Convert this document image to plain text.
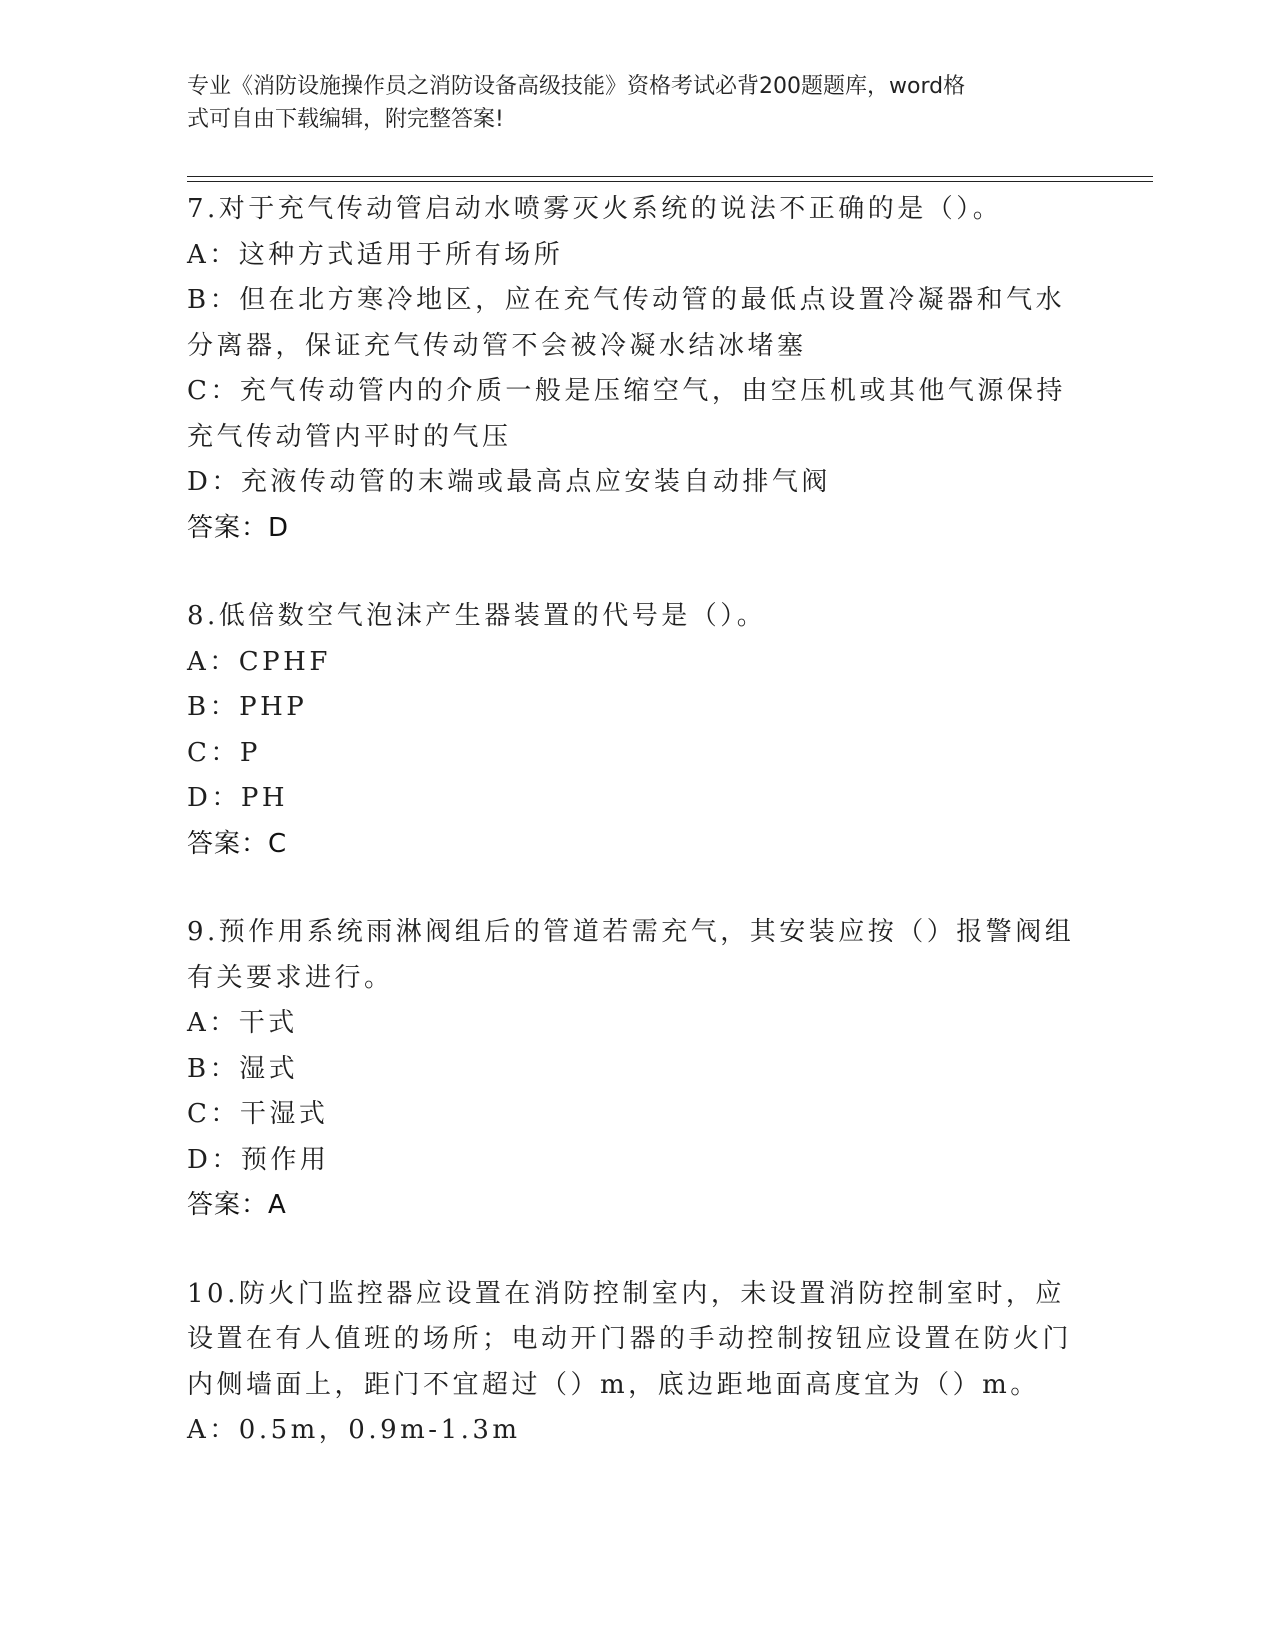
专业《消防设施操作员之消防设备高级技能》资格考试必背200题题库，word格
式可自由下载编辑，附完整答案!
7.对于充气传动管启动水喷雾灭火系统的说法不正确的是（）。
A：这种方式适用于所有场所
B：但在北方寒冷地区，应在充气传动管的最低点设置冷凝器和气水分离器，保证充气传动管不会被冷凝水结冰堵塞
C：充气传动管内的介质一般是压缩空气，由空压机或其他气源保持充气传动管内平时的气压
D：充液传动管的末端或最高点应安装自动排气阀
答案：D
8.低倍数空气泡沫产生器装置的代号是（）。
A：CPHF
B：PHP
C：P
D：PH
答案：C
9.预作用系统雨淋阀组后的管道若需充气，其安装应按（）报警阀组有关要求进行。
A：干式
B：湿式
C：干湿式
D：预作用
答案：A
10.防火门监控器应设置在消防控制室内，未设置消防控制室时，应设置在有人值班的场所；电动开门器的手动控制按钮应设置在防火门内侧墙面上，距门不宜超过（）m，底边距地面高度宜为（）m。
A：0.5m，0.9m-1.3m
